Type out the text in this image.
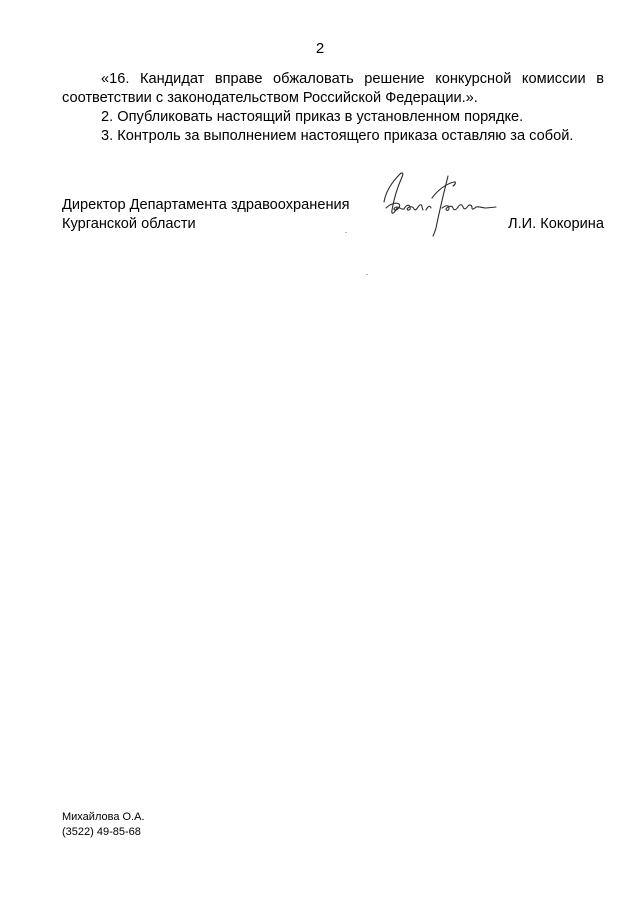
2

«16. Кандидат вправе обжаловать решение конкурсной комиссии в соответствии с законодательством Российской Федерации.».

2. Опубликовать настоящий приказ в установленном порядке.

3. Контроль за выполнением настоящего приказа оставляю за собой.

Директор Департамента здравоохранения
Курганской области	Л.И. Кокорина
Михайлова О.А.
(3522) 49-85-68
